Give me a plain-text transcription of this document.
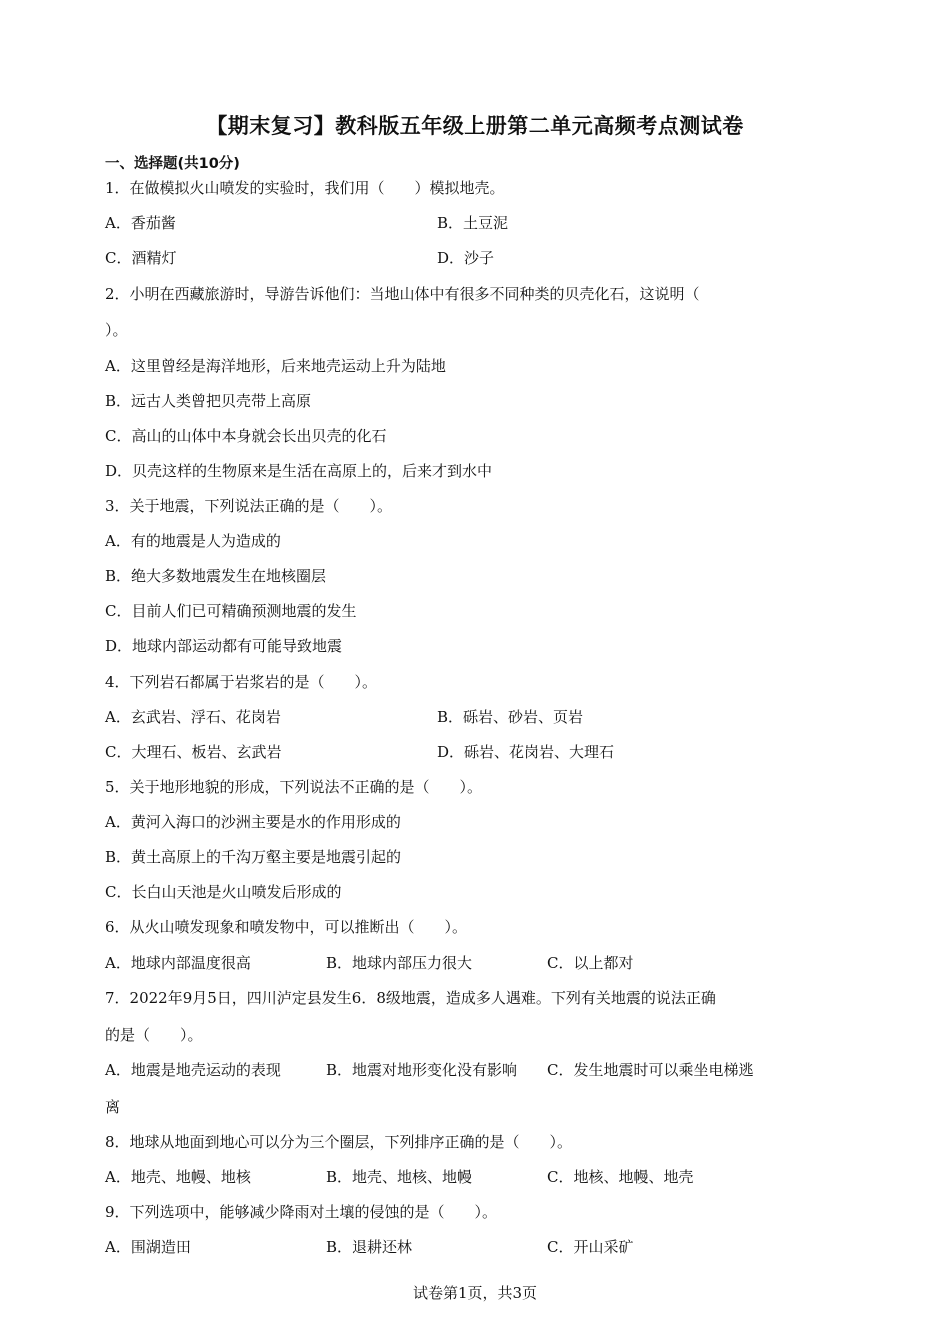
【期末复习】教科版五年级上册第二单元高频考点测试卷
一、选择题(共10分)
1．在做模拟火山喷发的实验时，我们用（　　）模拟地壳。
A．香茄酱	B．土豆泥
C．酒精灯	D．沙子
2．小明在西藏旅游时，导游告诉他们：当地山体中有很多不同种类的贝壳化石，这说明（
）。
A．这里曾经是海洋地形，后来地壳运动上升为陆地
B．远古人类曾把贝壳带上高原
C．高山的山体中本身就会长出贝壳的化石
D．贝壳这样的生物原来是生活在高原上的，后来才到水中
3．关于地震，下列说法正确的是（　　）。
A．有的地震是人为造成的
B．绝大多数地震发生在地核圈层
C．目前人们已可精确预测地震的发生
D．地球内部运动都有可能导致地震
4．下列岩石都属于岩浆岩的是（　　）。
A．玄武岩、浮石、花岗岩	B．砾岩、砂岩、页岩
C．大理石、板岩、玄武岩	D．砾岩、花岗岩、大理石
5．关于地形地貌的形成，下列说法不正确的是（　　）。
A．黄河入海口的沙洲主要是水的作用形成的
B．黄土高原上的千沟万壑主要是地震引起的
C．长白山天池是火山喷发后形成的
6．从火山喷发现象和喷发物中，可以推断出（　　）。
A．地球内部温度很高	B．地球内部压力很大	C．以上都对
7．2022年9月5日，四川泸定县发生6．8级地震，造成多人遇难。下列有关地震的说法正确
的是（　　）。
A．地震是地壳运动的表现	B．地震对地形变化没有影响 C．发生地震时可以乘坐电梯逃
离
8．地球从地面到地心可以分为三个圈层，下列排序正确的是（　　）。
A．地壳、地幔、地核	B．地壳、地核、地幔	C．地核、地幔、地壳
9．下列选项中，能够减少降雨对土壤的侵蚀的是（　　）。
A．围湖造田	B．退耕还林	C．开山采矿
试卷第1页，共3页
